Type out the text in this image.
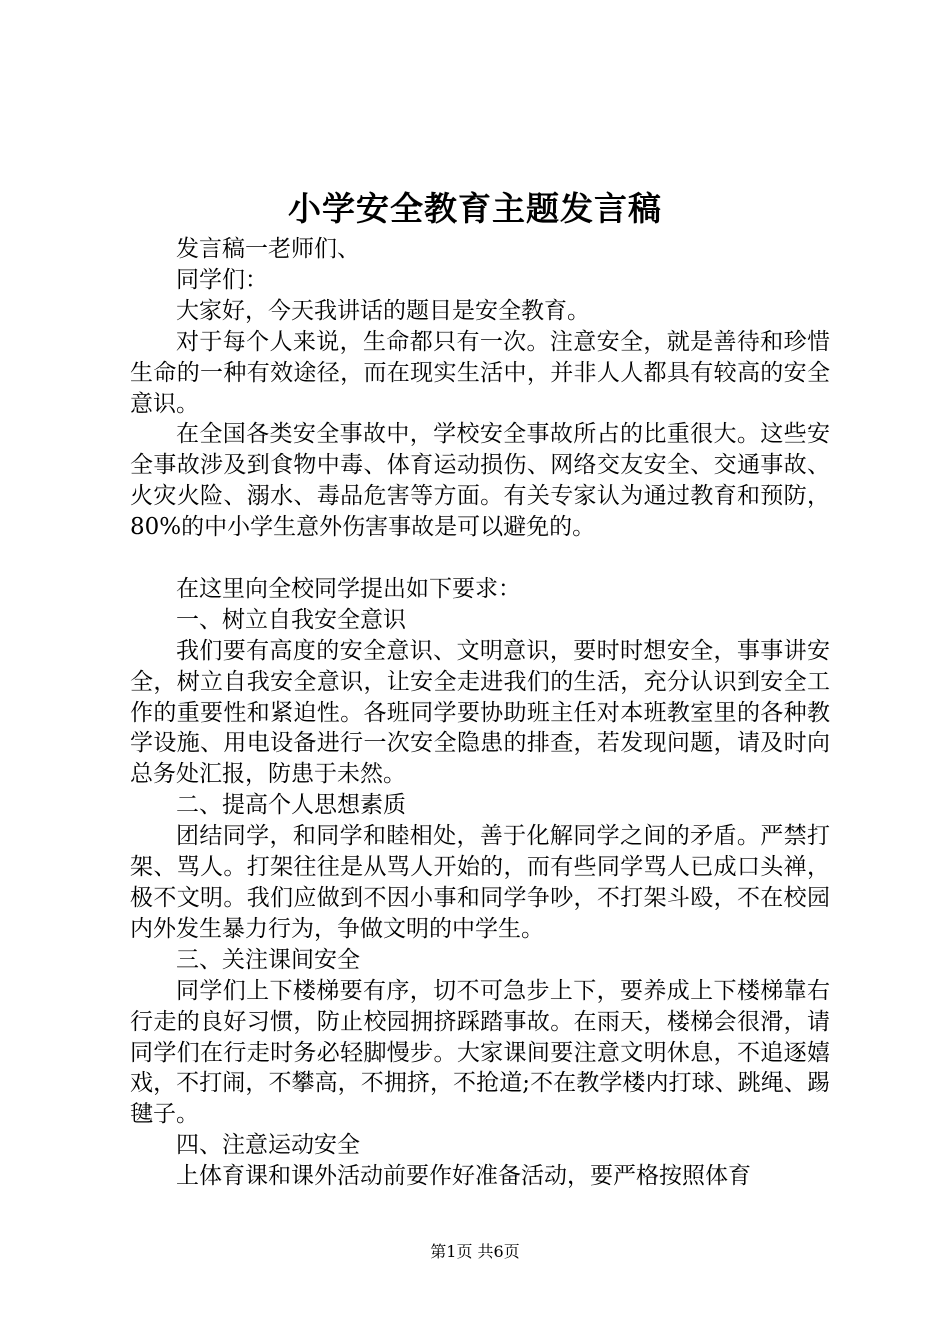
小学安全教育主题发言稿

发言稿一老师们、

同学们：

大家好，今天我讲话的题目是安全教育。

对于每个人来说，生命都只有一次。注意安全，就是善待和珍惜生命的一种有效途径，而在现实生活中，并非人人都具有较高的安全意识。

在全国各类安全事故中，学校安全事故所占的比重很大。这些安全事故涉及到食物中毒、体育运动损伤、网络交友安全、交通事故、火灾火险、溺水、毒品危害等方面。有关专家认为通过教育和预防，80%的中小学生意外伤害事故是可以避免的。

在这里向全校同学提出如下要求：

一、树立自我安全意识

我们要有高度的安全意识、文明意识，要时时想安全，事事讲安全，树立自我安全意识，让安全走进我们的生活，充分认识到安全工作的重要性和紧迫性。各班同学要协助班主任对本班教室里的各种教学设施、用电设备进行一次安全隐患的排查，若发现问题，请及时向总务处汇报，防患于未然。

二、提高个人思想素质

团结同学，和同学和睦相处，善于化解同学之间的矛盾。严禁打架、骂人。打架往往是从骂人开始的，而有些同学骂人已成口头禅，极不文明。我们应做到不因小事和同学争吵，不打架斗殴，不在校园内外发生暴力行为，争做文明的中学生。

三、关注课间安全

同学们上下楼梯要有序，切不可急步上下，要养成上下楼梯靠右行走的良好习惯，防止校园拥挤踩踏事故。在雨天，楼梯会很滑，请同学们在行走时务必轻脚慢步。大家课间要注意文明休息，不追逐嬉戏，不打闹，不攀高，不拥挤，不抢道;不在教学楼内打球、跳绳、踢毽子。

四、注意运动安全

上体育课和课外活动前要作好准备活动，要严格按照体育

第1页 共6页
